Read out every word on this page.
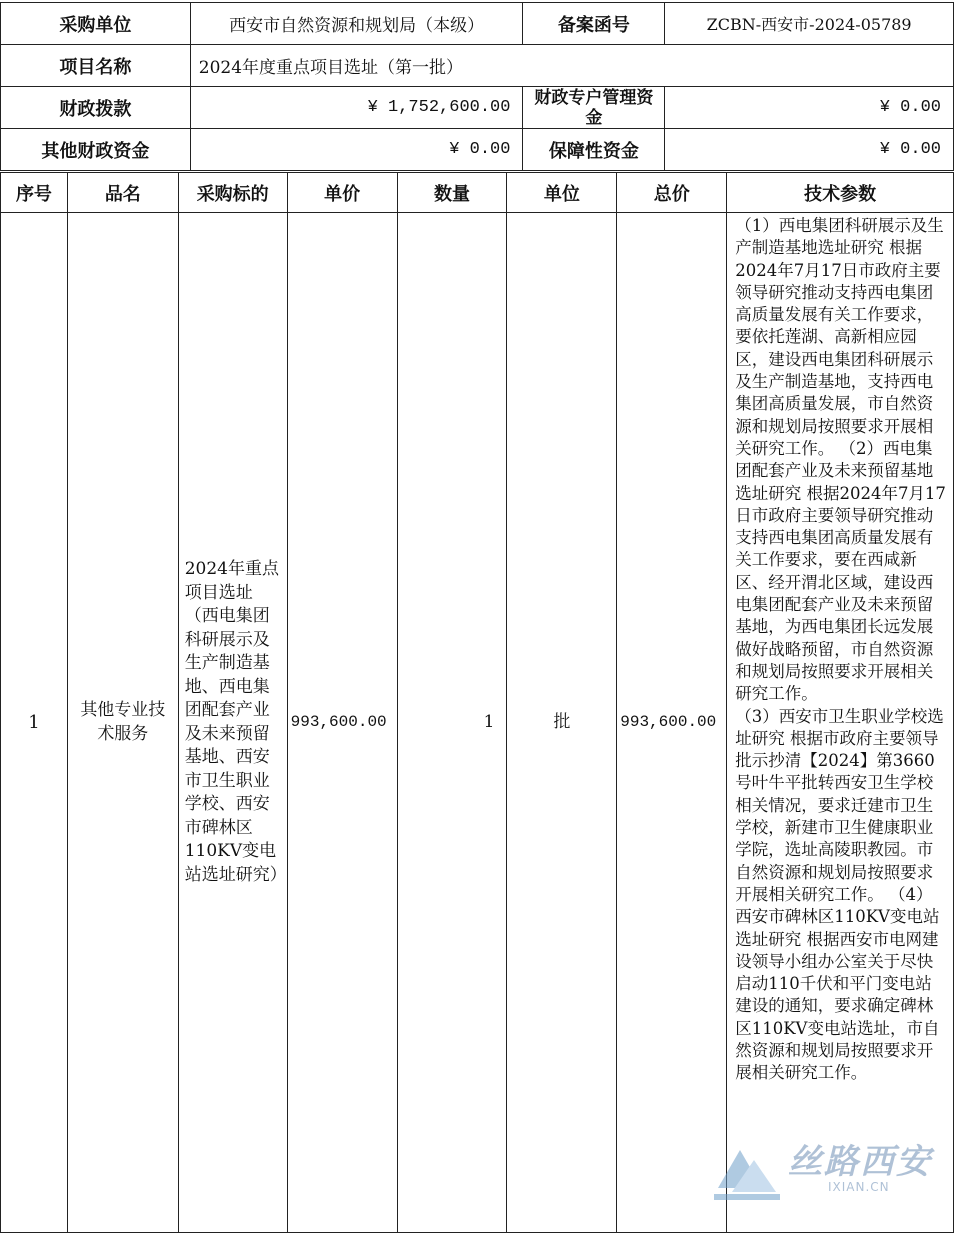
采购单位	西安市自然资源和规划局（本级）	备案函号	ZCBN-西安市-2024-05789
项目名称	2024年度重点项目选址（第一批）		
财政拨款	¥ 1,752,600.00	财政专户管理资金	¥ 0.00
其他财政资金	¥ 0.00	保障性资金	¥ 0.00
序号	品名	采购标的	单价	数量	单位	总价	技术参数
1	其他专业技术服务	2024年重点项目选址（西电集团科研展示及生产制造基地、西电集团配套产业及未来预留基地、西安市卫生职业学校、西安市碑林区110KV变电站选址研究）	993,600.00	1	批	993,600.00	（1）西电集团科研展示及生产制造基地选址研究 根据2024年7月17日市政府主要领导研究推动支持西电集团高质量发展有关工作要求，要依托莲湖、高新相应园区，建设西电集团科研展示及生产制造基地，支持西电集团高质量发展，市自然资源和规划局按照要求开展相关研究工作。 （2）西电集团配套产业及未来预留基地选址研究 根据2024年7月17日市政府主要领导研究推动支持西电集团高质量发展有关工作要求，要在西咸新区、经开渭北区域，建设西电集团配套产业及未来预留基地，为西电集团长远发展做好战略预留，市自然资源和规划局按照要求开展相关研究工作。
（3）西安市卫生职业学校选址研究 根据市政府主要领导批示抄清【2024】第3660号叶牛平批转西安卫生学校相关情况，要求迁建市卫生学校，新建市卫生健康职业学院，选址高陵职教园。市自然资源和规划局按照要求开展相关研究工作。 （4）西安市碑林区110KV变电站选址研究 根据西安市电网建设领导小组办公室关于尽快启动110千伏和平门变电站建设的通知，要求确定碑林区110KV变电站选址，市自然资源和规划局按照要求开展相关研究工作。
丝路西安
IXIAN.CN
